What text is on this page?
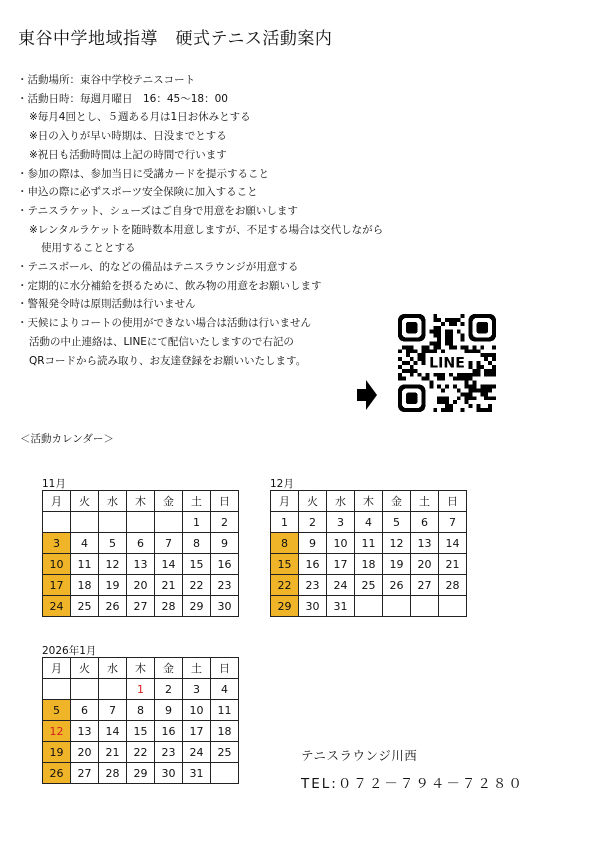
東谷中学地域指導　硬式テニス活動案内
・活動場所：東谷中学校テニスコート
・活動日時：毎週月曜日　16：45〜18：00
※毎月4回とし、５週ある月は1日お休みとする
※日の入りが早い時期は、日没までとする
※祝日も活動時間は上記の時間で行います
・参加の際は、参加当日に受講カードを提示すること
・申込の際に必ずスポーツ安全保険に加入すること
・テニスラケット、シューズはご自身で用意をお願いします
※レンタルラケットを随時数本用意しますが、不足する場合は交代しながら
使用することとする
・テニスボール、的などの備品はテニスラウンジが用意する
・定期的に水分補給を摂るために、飲み物の用意をお願いします
・警報発令時は原則活動は行いません
・天候によりコートの使用ができない場合は活動は行いません
活動の中止連絡は、LINEにて配信いたしますので右記の
QRコードから読み取り、お友達登録をお願いいたします。	LINE
＜活動カレンダー＞
11月
月	火	水	木	金	土	日
					1	2
3	4	5	6	7	8	9
10	11	12	13	14	15	16
17	18	19	20	21	22	23
24	25	26	27	28	29	30
12月
月	火	水	木	金	土	日
1	2	3	4	5	6	7
8	9	10	11	12	13	14
15	16	17	18	19	20	21
22	23	24	25	26	27	28
29	30	31				
2026年1月
月	火	水	木	金	土	日
			1	2	3	4
5	6	7	8	9	10	11
12	13	14	15	16	17	18
19	20	21	22	23	24	25
26	27	28	29	30	31	
テニスラウンジ川西
TEL:０７２－７９４－７２８０
